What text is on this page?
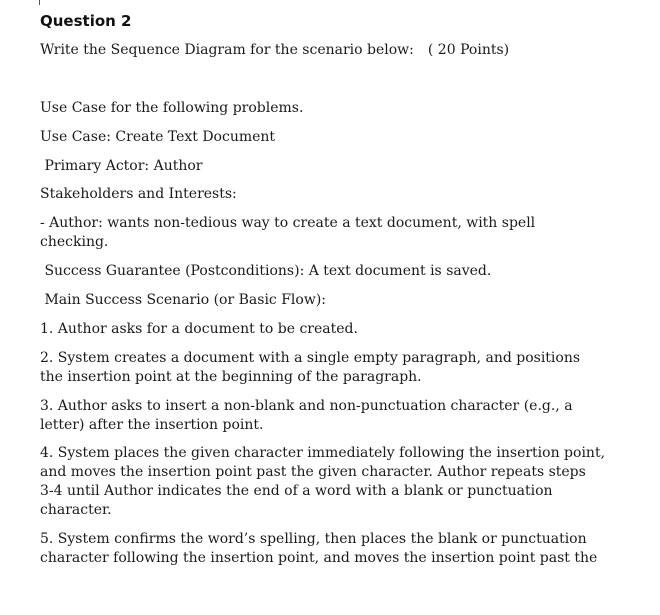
Question 2
Write the Sequence Diagram for the scenario below: ( 20 Points)
Use Case for the following problems.
Use Case: Create Text Document
Primary Actor: Author
Stakeholders and Interests:
- Author: wants non-tedious way to create a text document, with spell
checking.
Success Guarantee (Postconditions): A text document is saved.
Main Success Scenario (or Basic Flow):
1. Author asks for a document to be created.
2. System creates a document with a single empty paragraph, and positions
the insertion point at the beginning of the paragraph.
3. Author asks to insert a non-blank and non-punctuation character (e.g., a
letter) after the insertion point.
4. System places the given character immediately following the insertion point,
and moves the insertion point past the given character. Author repeats steps
3-4 until Author indicates the end of a word with a blank or punctuation
character.
5. System confirms the word’s spelling, then places the blank or punctuation
character following the insertion point, and moves the insertion point past the
